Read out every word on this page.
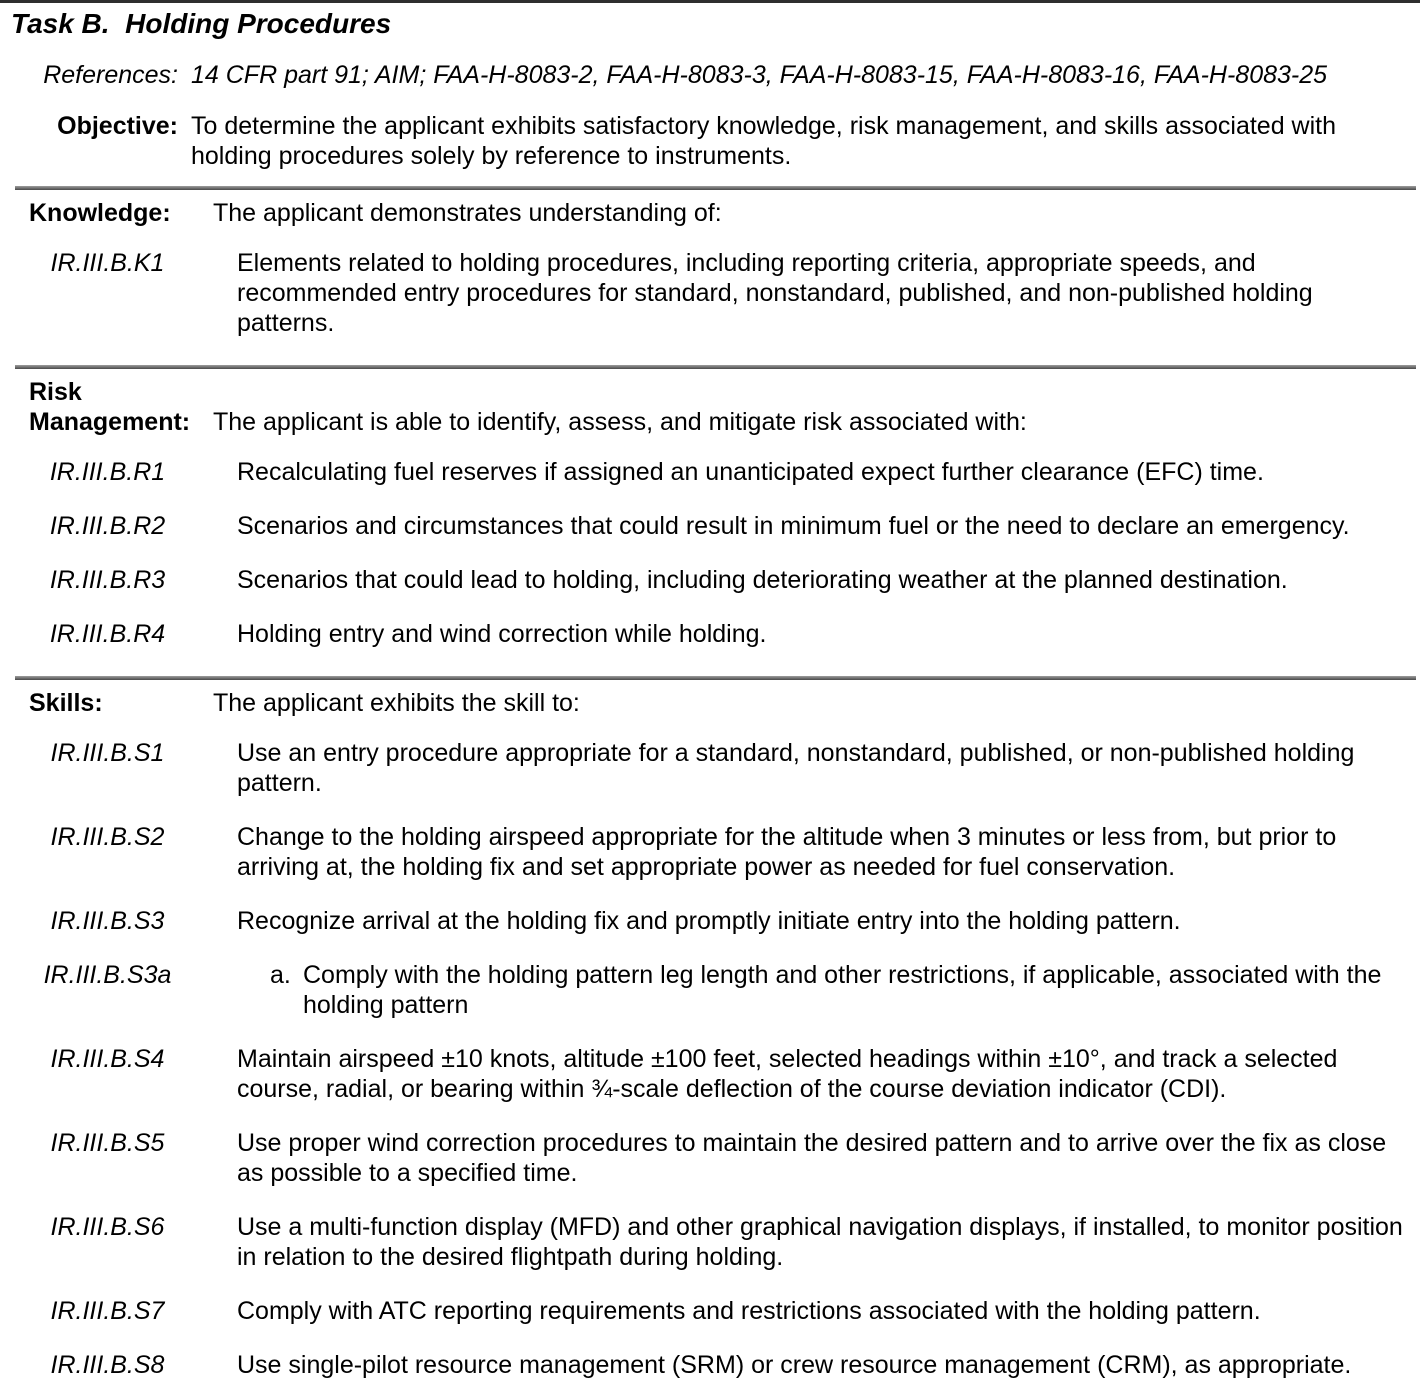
Task B.  Holding Procedures
References: 14 CFR part 91; AIM; FAA-H-8083-2, FAA-H-8083-3, FAA-H-8083-15, FAA-H-8083-16, FAA-H-8083-25
Objective: To determine the applicant exhibits satisfactory knowledge, risk management, and skills associated with holding procedures solely by reference to instruments.
Knowledge:	The applicant demonstrates understanding of:
IR.III.B.K1	Elements related to holding procedures, including reporting criteria, appropriate speeds, and recommended entry procedures for standard, nonstandard, published, and non-published holding patterns.
Risk Management: The applicant is able to identify, assess, and mitigate risk associated with:
IR.III.B.R1	Recalculating fuel reserves if assigned an unanticipated expect further clearance (EFC) time.
IR.III.B.R2	Scenarios and circumstances that could result in minimum fuel or the need to declare an emergency.
IR.III.B.R3	Scenarios that could lead to holding, including deteriorating weather at the planned destination.
IR.III.B.R4	Holding entry and wind correction while holding.
Skills:	The applicant exhibits the skill to:
IR.III.B.S1	Use an entry procedure appropriate for a standard, nonstandard, published, or non-published holding pattern.
IR.III.B.S2	Change to the holding airspeed appropriate for the altitude when 3 minutes or less from, but prior to arriving at, the holding fix and set appropriate power as needed for fuel conservation.
IR.III.B.S3	Recognize arrival at the holding fix and promptly initiate entry into the holding pattern.
IR.III.B.S3a	a. Comply with the holding pattern leg length and other restrictions, if applicable, associated with the holding pattern
IR.III.B.S4	Maintain airspeed ±10 knots, altitude ±100 feet, selected headings within ±10°, and track a selected course, radial, or bearing within ¾-scale deflection of the course deviation indicator (CDI).
IR.III.B.S5	Use proper wind correction procedures to maintain the desired pattern and to arrive over the fix as close as possible to a specified time.
IR.III.B.S6	Use a multi-function display (MFD) and other graphical navigation displays, if installed, to monitor position in relation to the desired flightpath during holding.
IR.III.B.S7	Comply with ATC reporting requirements and restrictions associated with the holding pattern.
IR.III.B.S8	Use single-pilot resource management (SRM) or crew resource management (CRM), as appropriate.
